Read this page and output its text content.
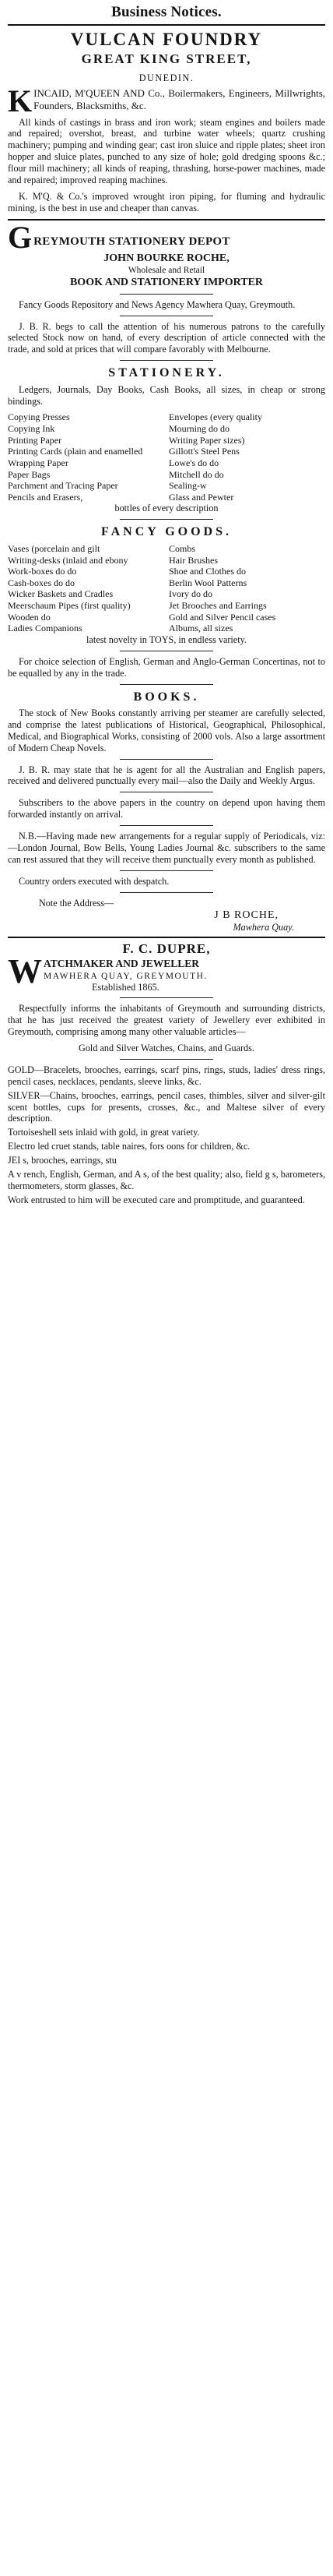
Business Notices.
VULCAN FOUNDRY
GREAT KING STREET,
DUNEDIN.
K INCAID, M'QUEEN AND Co., Boilermakers, Engineers, Millwrights, Founders, Blacksmiths, &c.

All kinds of castings in brass and iron work; steam engines and boilers made and repaired; overshot, breast, and turbine water wheels; quartz crushing machinery; pumping and winding gear; cast iron sluice and ripple plates; sheet iron hopper and sluice plates, punched to any size of hole; gold dredging spoons &c.; flour mill machinery; all kinds of reaping, thrashing, horse-power machines, made and repaired; improved reaping machines.

K. M'Q. & Co.'s improved wrought iron piping, for fluming and hydraulic mining, is the best in use and cheaper than canvas.

G REYMOUTH STATIONERY DEPOT
JOHN BOURKE ROCHE,
Wholesale and Retail
BOOK AND STATIONERY IMPORTER

Fancy Goods Repository and News Agency Mawhera Quay, Greymouth.

J. B. R. begs to call the attention of his numerous patrons to the carefully selected Stock now on hand, of every description of article connected with the trade, and sold at prices that will compare favorably with Melbourne.

STATIONERY.

Ledgers, Journals, Day Books, Cash Books, all sizes, in cheap or strong bindings.

Copying Presses
Copying Ink
Printing Paper
Printing Cards (plain and enamelled
Wrapping Paper
Paper Bags
Parchment and Tracing Paper
Pencils and Erasers,
Envelopes (every quality
Mourning do do
Writing Paper sizes)
Gillott's Steel Pens
Lowe's do do
Mitchell do do
Sealing-w
Glass and Pewter
bottles of every description
FANCY GOODS.
Vases (porcelain and gilt
Writing-desks (inlaid and ebony
Work-boxes do do
Cash-boxes do do
Wicker Baskets and Cradles
Meerschaum Pipes (first quality)
Wooden do
Ladies Companions
Combs
Hair Brushes
Shoe and Clothes do
Berlin Wool Patterns
Ivory do do
Jet Brooches and Earrings
Gold and Silver Pencil cases
Albums, all sizes
latest novelty in TOYS, in endless variety.

For choice selection of English, German and Anglo-German Concertinas, not to be equalled by any in the trade.

BOOKS.

The stock of New Books constantly arriving per steamer are carefully selected, and comprise the latest publications of Historical, Geographical, Philosophical, Medical, and Biographical Works, consisting of 2000 vols. Also a large assortment of Modern Cheap Novels.

J. B. R. may state that he is agent for all the Australian and English papers, received and delivered punctually every mail—also the Daily and Weekly Argus.

Subscribers to the above papers in the country on depend upon having them forwarded instantly on arrival.

N.B.—Having made new arrangements for a regular supply of Periodicals, viz:—London Journal, Bow Bells, Young Ladies Journal &c. subscribers to the same can rest assured that they will receive them punctually every month as published.

Country orders executed with despatch.

Note the Address—
J B ROCHE,
Mawhera Quay.
F. C. DUPRE,
W ATCHMAKER AND JEWELLER
MAWHERA QUAY, GREYMOUTH.
Established 1865.

Respectfully informs the inhabitants of Greymouth and surrounding districts, that he has just received the greatest variety of Jewellery ever exhibited in Greymouth, comprising among many other valuable articles—

Gold and Silver Watches, Chains, and Guards.

GOLD—Bracelets, brooches, earrings, scarf pins, rings, studs, ladies' dress rings, pencil cases, necklaces, pendants, sleeve links, &c.

SILVER—Chains, brooches, earrings, pencil cases, thimbles, silver and silver-gilt scent bottles, cups for presents, crosses, &c., and Maltese silver of every description.

Tortoiseshell sets inlaid with gold, in great variety.

Electro led cruet stands, table naires, fors oons for children, &c.

JEI s, brooches, earrings, stu

A v rench, English, German, and A s, of the best quality; also, field g s, barometers, thermometers, storm glasses, &c.

Work entrusted to him will be executed care and promptitude, and guaranteed.
